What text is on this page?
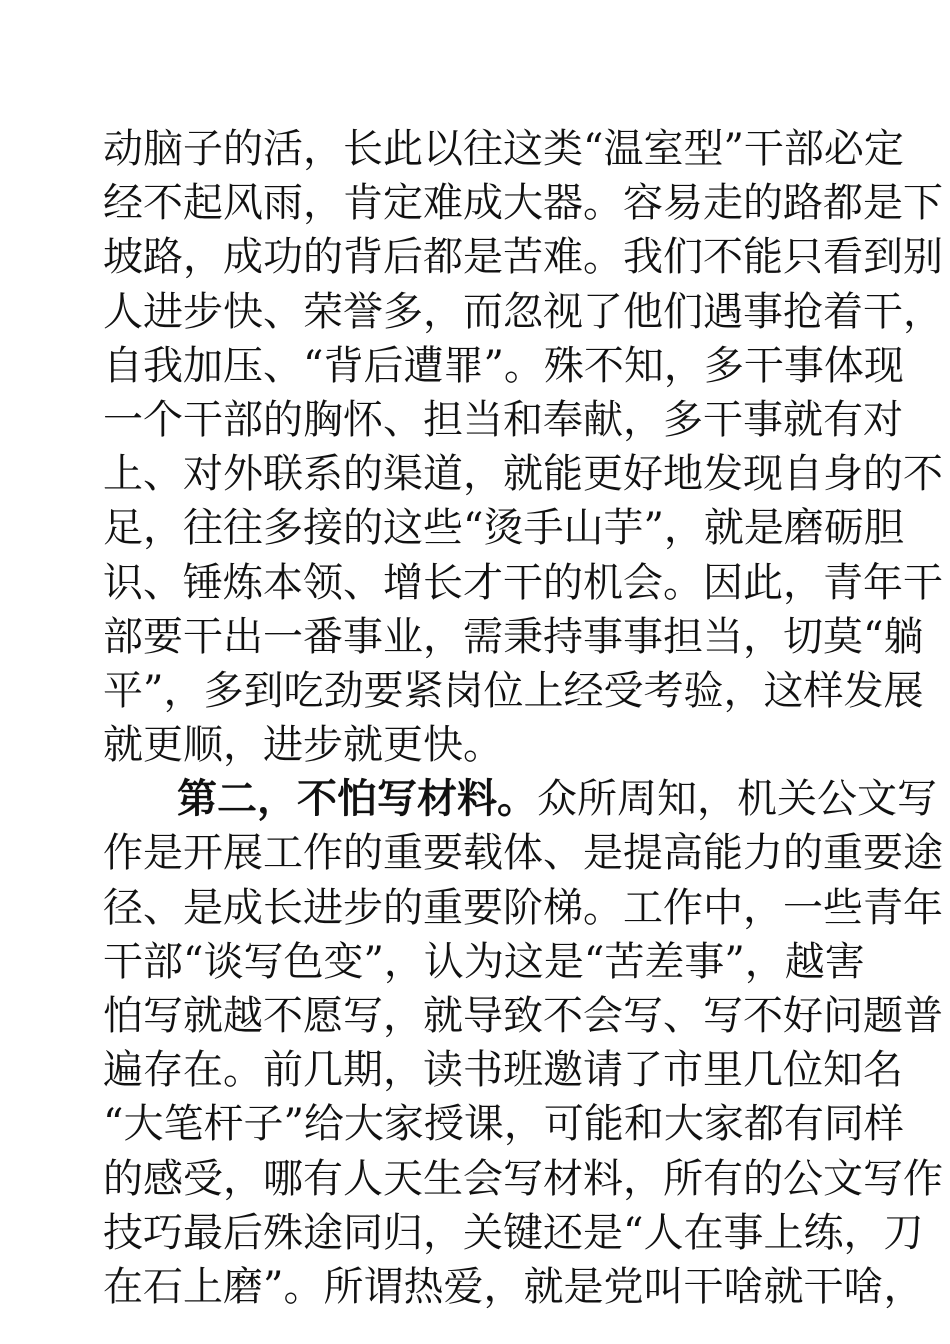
动脑子的活，长此以往这类“温室型”干部必定
经不起风雨，肯定难成大器。容易走的路都是下
坡路，成功的背后都是苦难。我们不能只看到别
人进步快、荣誉多，而忽视了他们遇事抢着干，
自我加压、“背后遭罪”。殊不知，多干事体现
一个干部的胸怀、担当和奉献，多干事就有对
上、对外联系的渠道，就能更好地发现自身的不
足，往往多接的这些“烫手山芋”，就是磨砺胆
识、锤炼本领、增长才干的机会。因此，青年干
部要干出一番事业，需秉持事事担当，切莫“躺
平”，多到吃劲要紧岗位上经受考验，这样发展
就更顺，进步就更快。
第二，不怕写材料。众所周知，机关公文写
作是开展工作的重要载体、是提高能力的重要途
径、是成长进步的重要阶梯。工作中，一些青年
干部“谈写色变”，认为这是“苦差事”，越害
怕写就越不愿写，就导致不会写、写不好问题普
遍存在。前几期，读书班邀请了市里几位知名
“大笔杆子”给大家授课，可能和大家都有同样
的感受，哪有人天生会写材料，所有的公文写作
技巧最后殊途同归，关键还是“人在事上练，刀
在石上磨”。所谓热爱，就是党叫干啥就干啥，
